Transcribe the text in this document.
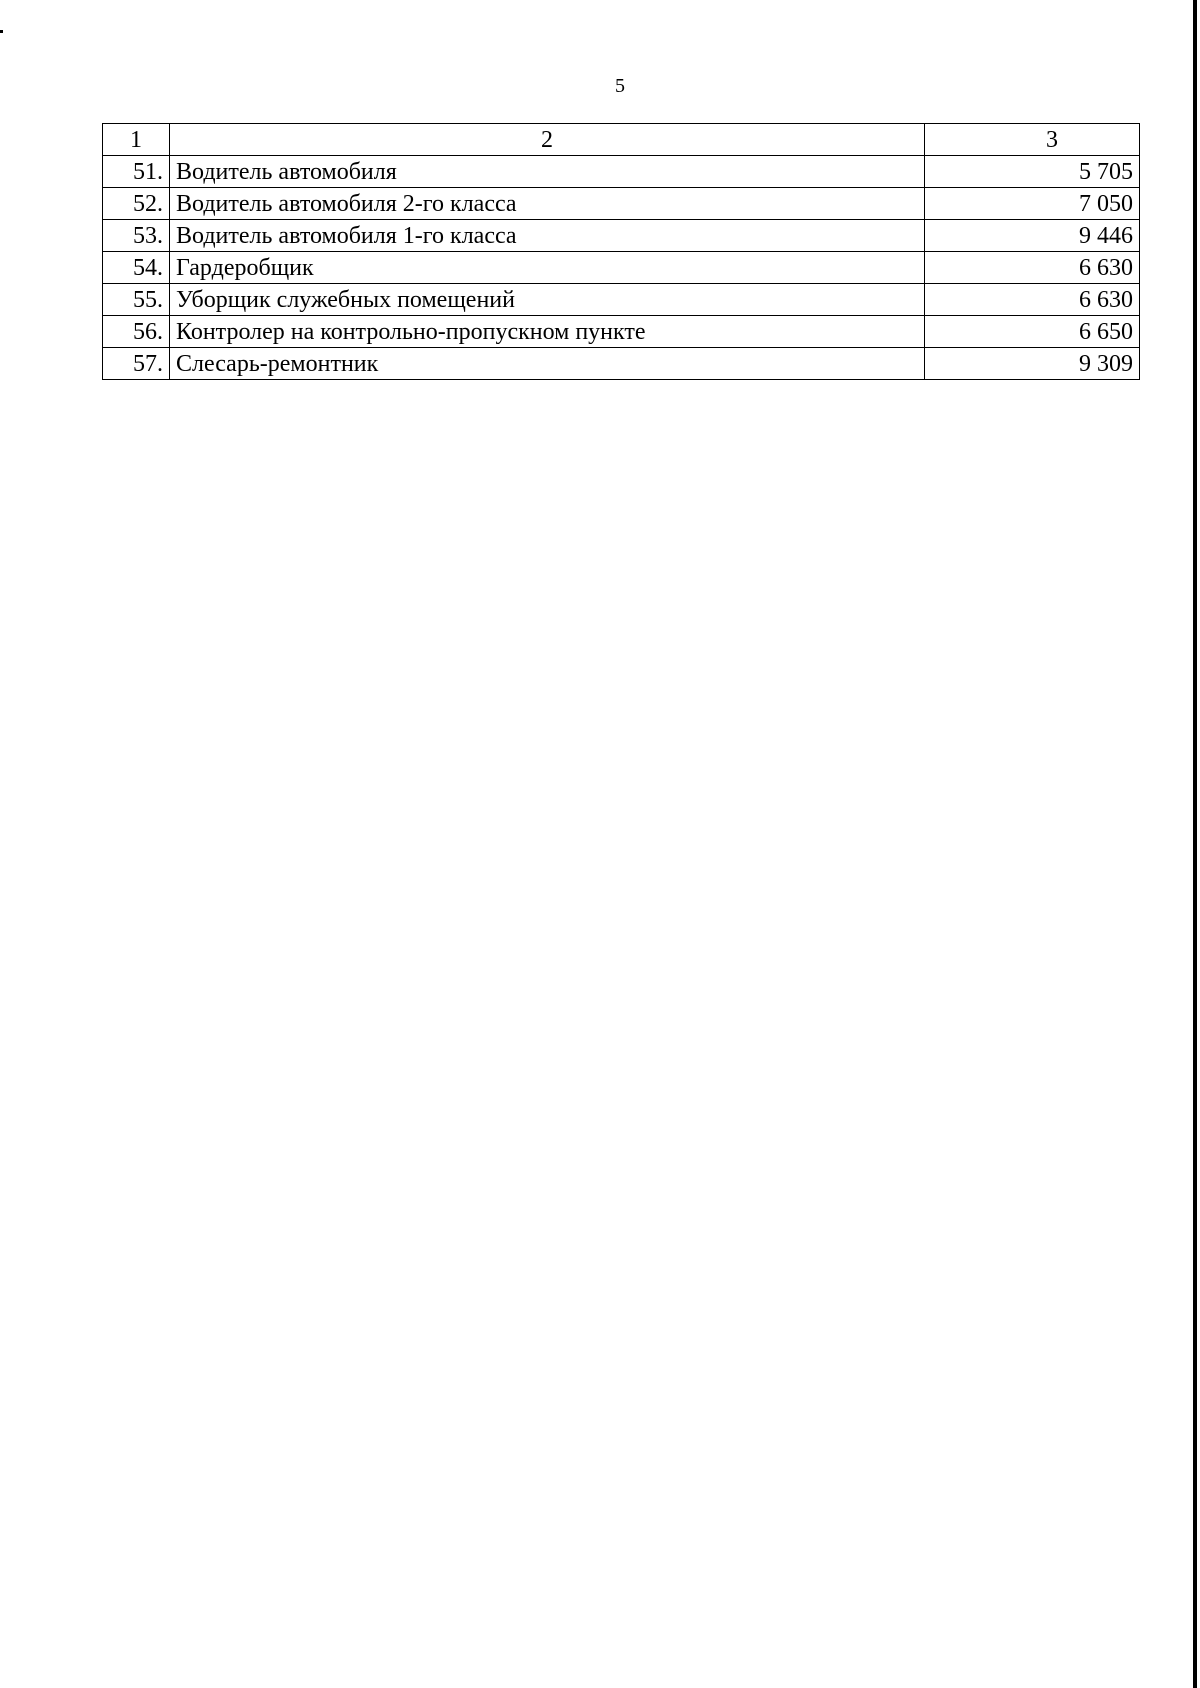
5
1	2	3
51.	Водитель автомобиля	5 705
52.	Водитель автомобиля 2-го класса	7 050
53.	Водитель автомобиля 1-го класса	9 446
54.	Гардеробщик	6 630
55.	Уборщик служебных помещений	6 630
56.	Контролер на контрольно-пропускном пункте	6 650
57.	Слесарь-ремонтник	9 309
